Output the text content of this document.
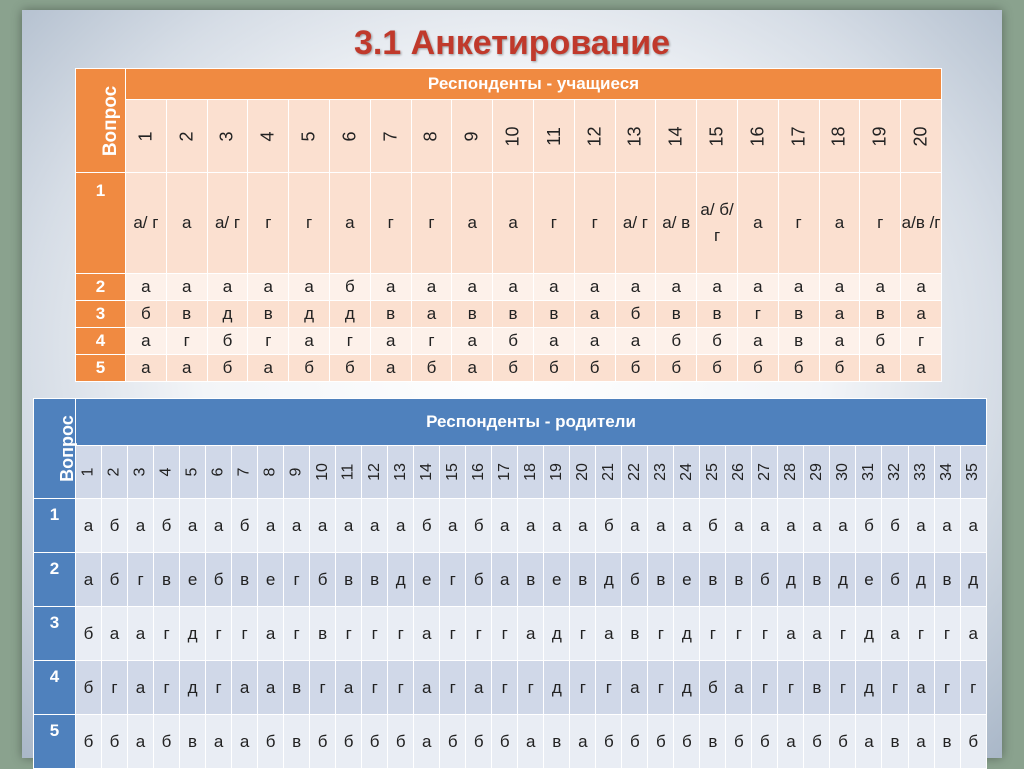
3.1 Анкетирование
Вопрос	Респонденты - учащиеся																			
	1	2	3	4	5	6	7	8	9	10	11	12	13	14	15	16	17	18	19	20
1	а/ г	а	а/ г	г	г	а	г	г	а	а	г	г	а/ г	а/ в	а/ б/ г	а	г	а	г	а/в /г
2	а	а	а	а	а	б	а	а	а	а	а	а	а	а	а	а	а	а	а	а
3	б	в	д	в	д	д	в	а	в	в	в	а	б	в	в	г	в	а	в	а
4	а	г	б	г	а	г	а	г	а	б	а	а	а	б	б	а	в	а	б	г
5	а	а	б	а	б	б	а	б	а	б	б	б	б	б	б	б	б	б	а	а
Вопрос	Респонденты - родители																																		
	1	2	3	4	5	6	7	8	9	10	11	12	13	14	15	16	17	18	19	20	21	22	23	24	25	26	27	28	29	30	31	32	33	34	35
1	а	б	а	б	а	а	б	а	а	а	а	а	а	б	а	б	а	а	а	а	б	а	а	а	б	а	а	а	а	а	б	б	а	а	а
2	а	б	г	в	е	б	в	е	г	б	в	в	д	е	г	б	а	в	е	в	д	б	в	е	в	в	б	д	в	д	е	б	д	в	д
3	б	а	а	г	д	г	г	а	г	в	г	г	г	а	г	г	г	а	д	г	а	в	г	д	г	г	г	а	а	г	д	а	г	г	а
4	б	г	а	г	д	г	а	а	в	г	а	г	г	а	г	а	г	г	д	г	г	а	г	д	б	а	г	г	в	г	д	г	а	г	г
5	б	б	а	б	в	а	а	б	в	б	б	б	б	а	б	б	б	а	в	а	б	б	б	б	в	б	б	а	б	б	а	в	а	в	б
